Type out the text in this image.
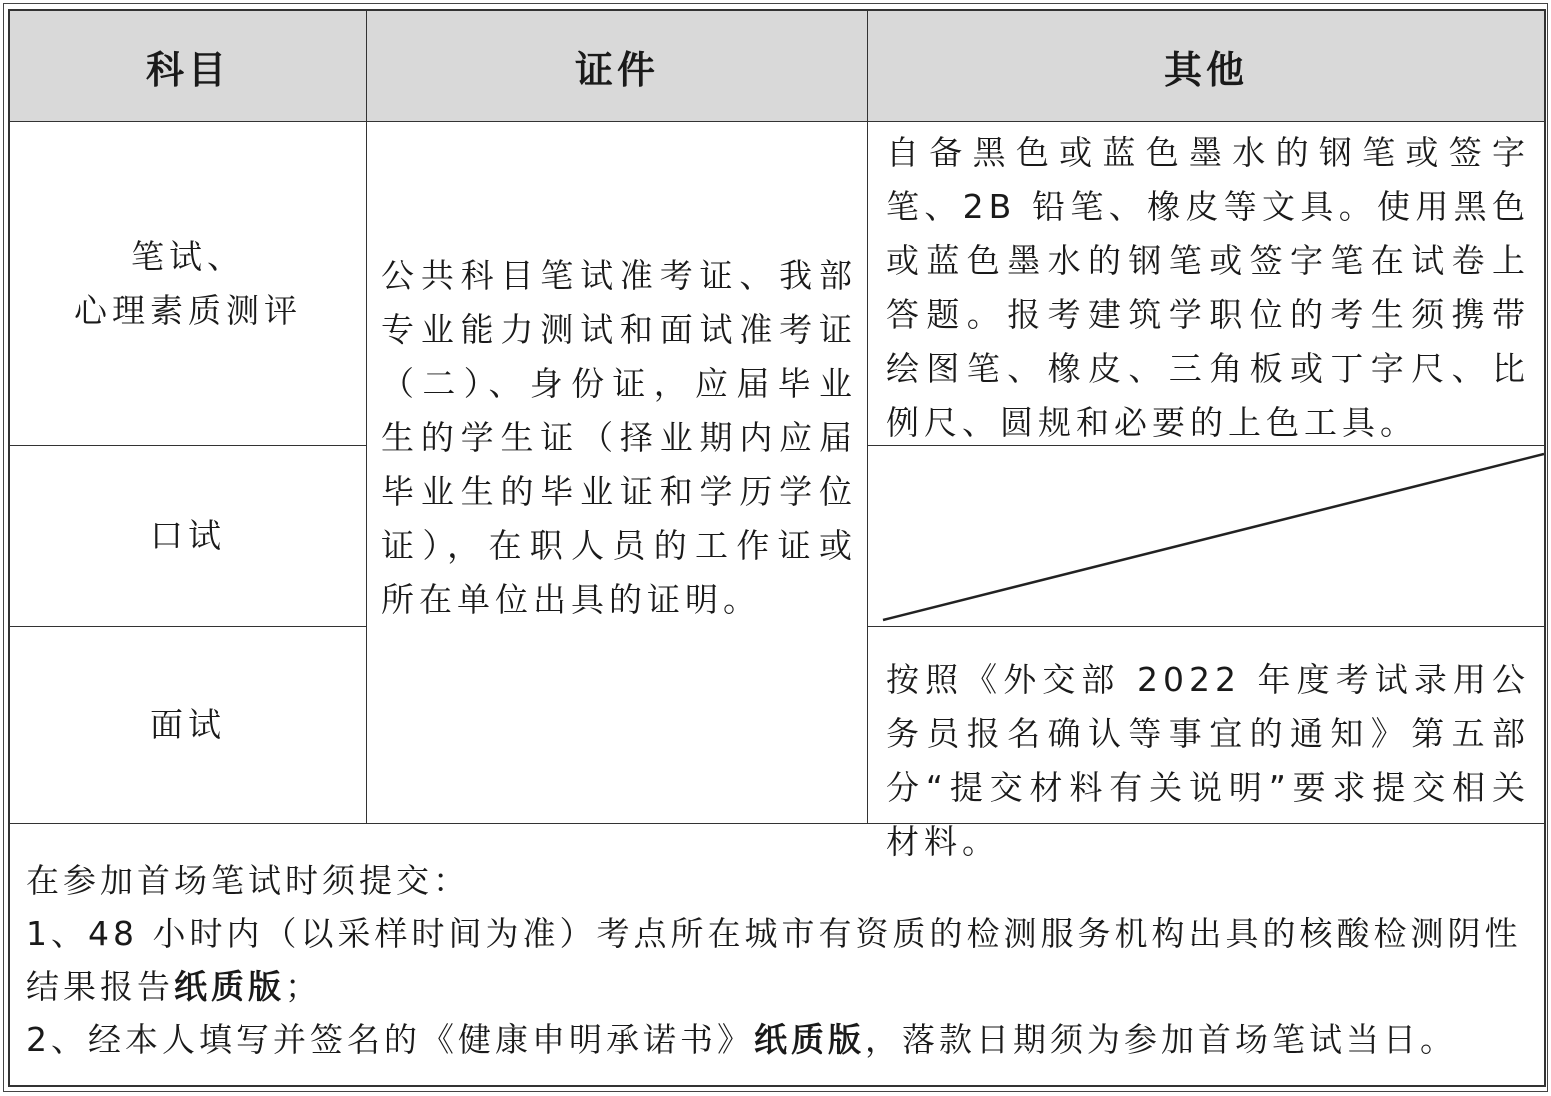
科目	证件	其他
笔试、
心理素质测评
口试
面试
公共科目笔试准考证、我部专业能力测试和面试准考证（二）、身份证，应届毕业生的学生证（择业期内应届毕业生的毕业证和学历学位证），在职人员的工作证或所在单位出具的证明。
自备黑色或蓝色墨水的钢笔或签字笔、2B 铅笔、橡皮等文具。使用黑色或蓝色墨水的钢笔或签字笔在试卷上答题。报考建筑学职位的考生须携带绘图笔、橡皮、三角板或丁字尺、比例尺、圆规和必要的上色工具。
按照《外交部 2022 年度考试录用公务员报名确认等事宜的通知》第五部分“提交材料有关说明”要求提交相关材料。

在参加首场笔试时须提交：

1、48 小时内（以采样时间为准）考点所在城市有资质的检测服务机构出具的核酸检测阴性结果报告纸质版；

2、经本人填写并签名的《健康申明承诺书》纸质版，落款日期须为参加首场笔试当日。
